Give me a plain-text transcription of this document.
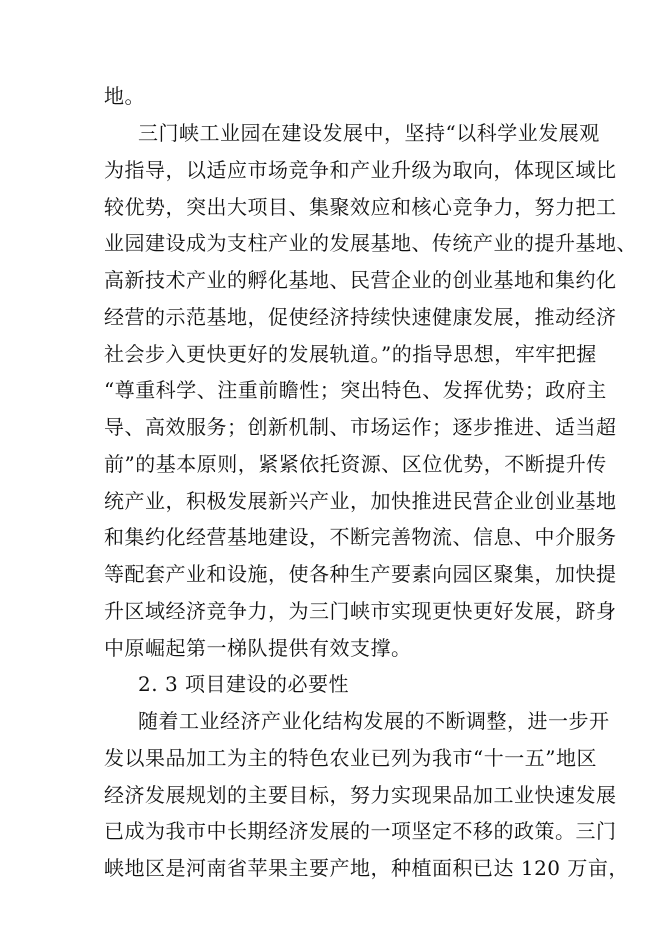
地。
三门峡工业园在建设发展中，坚持“以科学业发展观
为指导，以适应市场竞争和产业升级为取向，体现区域比
较优势，突出大项目、集聚效应和核心竞争力，努力把工
业园建设成为支柱产业的发展基地、传统产业的提升基地、
高新技术产业的孵化基地、民营企业的创业基地和集约化
经营的示范基地，促使经济持续快速健康发展，推动经济
社会步入更快更好的发展轨道。”的指导思想，牢牢把握
“尊重科学、注重前瞻性；突出特色、发挥优势；政府主
导、高效服务；创新机制、市场运作；逐步推进、适当超
前”的基本原则，紧紧依托资源、区位优势，不断提升传
统产业，积极发展新兴产业，加快推进民营企业创业基地
和集约化经营基地建设，不断完善物流、信息、中介服务
等配套产业和设施，使各种生产要素向园区聚集，加快提
升区域经济竞争力，为三门峡市实现更快更好发展，跻身
中原崛起第一梯队提供有效支撑。
2. 3 项目建设的必要性
随着工业经济产业化结构发展的不断调整，进一步开
发以果品加工为主的特色农业已列为我市“十一五”地区
经济发展规划的主要目标，努力实现果品加工业快速发展
已成为我市中长期经济发展的一项坚定不移的政策。三门
峡地区是河南省苹果主要产地，种植面积已达 120 万亩，
